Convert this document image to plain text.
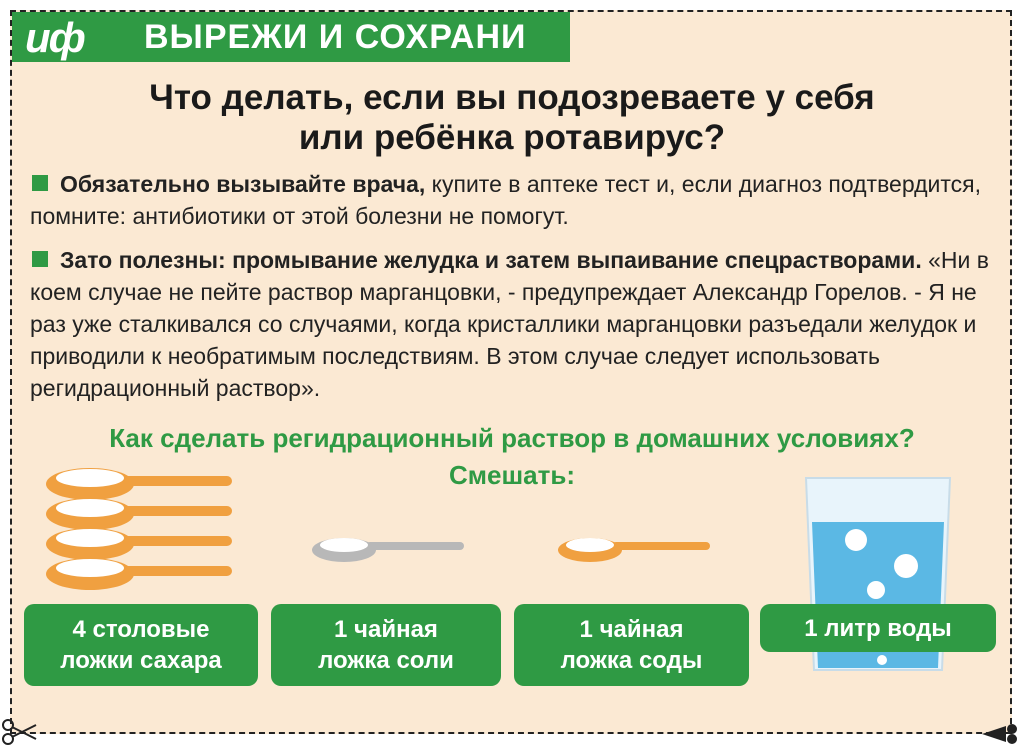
иф	ВЫРЕЖИ И СОХРАНИ
Что делать, если вы подозреваете у себя
или ребёнка ротавирус?
Обязательно вызывайте врача, купите в аптеке тест и, если диагноз подтвердится, помните: антибиотики от этой болезни не помогут.
Зато полезны: промывание желудка и затем выпаивание спецрастворами. «Ни в коем случае не пейте раствор марганцовки, - предупреждает Александр Горелов. - Я не раз уже сталкивался со случаями, когда кристаллики марганцовки разъедали желудок и приводили к необратимым последствиям. В этом случае следует использовать регидрационный раствор».
Как сделать регидрационный раствор в домашних условиях?
Смешать:
4 столовые
ложки сахара
1 чайная
ложка соли
1 чайная
ложка соды
1 литр воды
